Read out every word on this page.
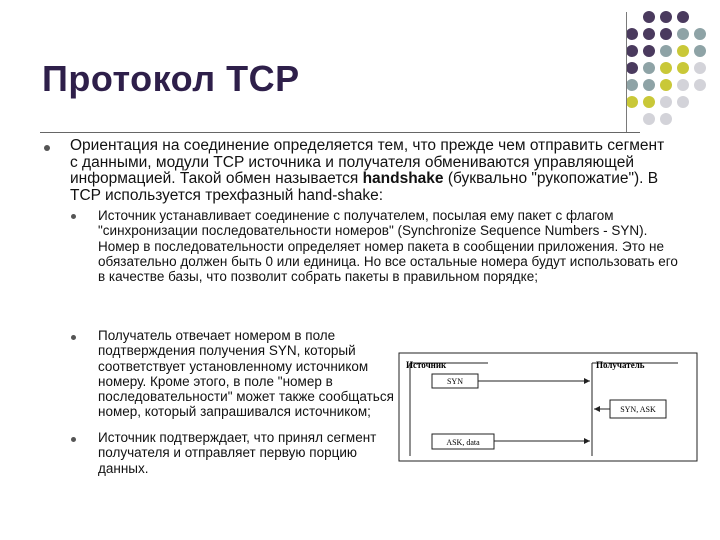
Протокол TCP
Ориентация на соединение определяется тем, что прежде чем отправить сегмент с данными, модули TCP источника и получателя обмениваются управляющей информацией. Такой обмен называется handshake (буквально "рукопожатие"). В TCP используется трехфазный hand-shake:
Источник устанавливает соединение с получателем, посылая ему пакет с флагом "синхронизации последовательности номеров" (Synchronize Sequence Numbers - SYN). Номер в последовательности определяет номер пакета в сообщении приложения. Это не обязательно должен быть 0 или единица. Но все остальные номера будут использовать его в качестве базы, что позволит собрать пакеты в правильном порядке;
Получатель отвечает номером в поле подтверждения получения SYN, который соответствует установленному источником номеру. Кроме этого, в поле "номер в последовательности" может также сообщаться номер, который запрашивался источником;
Источник подтверждает, что принял сегмент получателя и отправляет первую порцию данных.
Источник	Получатель
SYN
SYN, ASK
ASK, data
